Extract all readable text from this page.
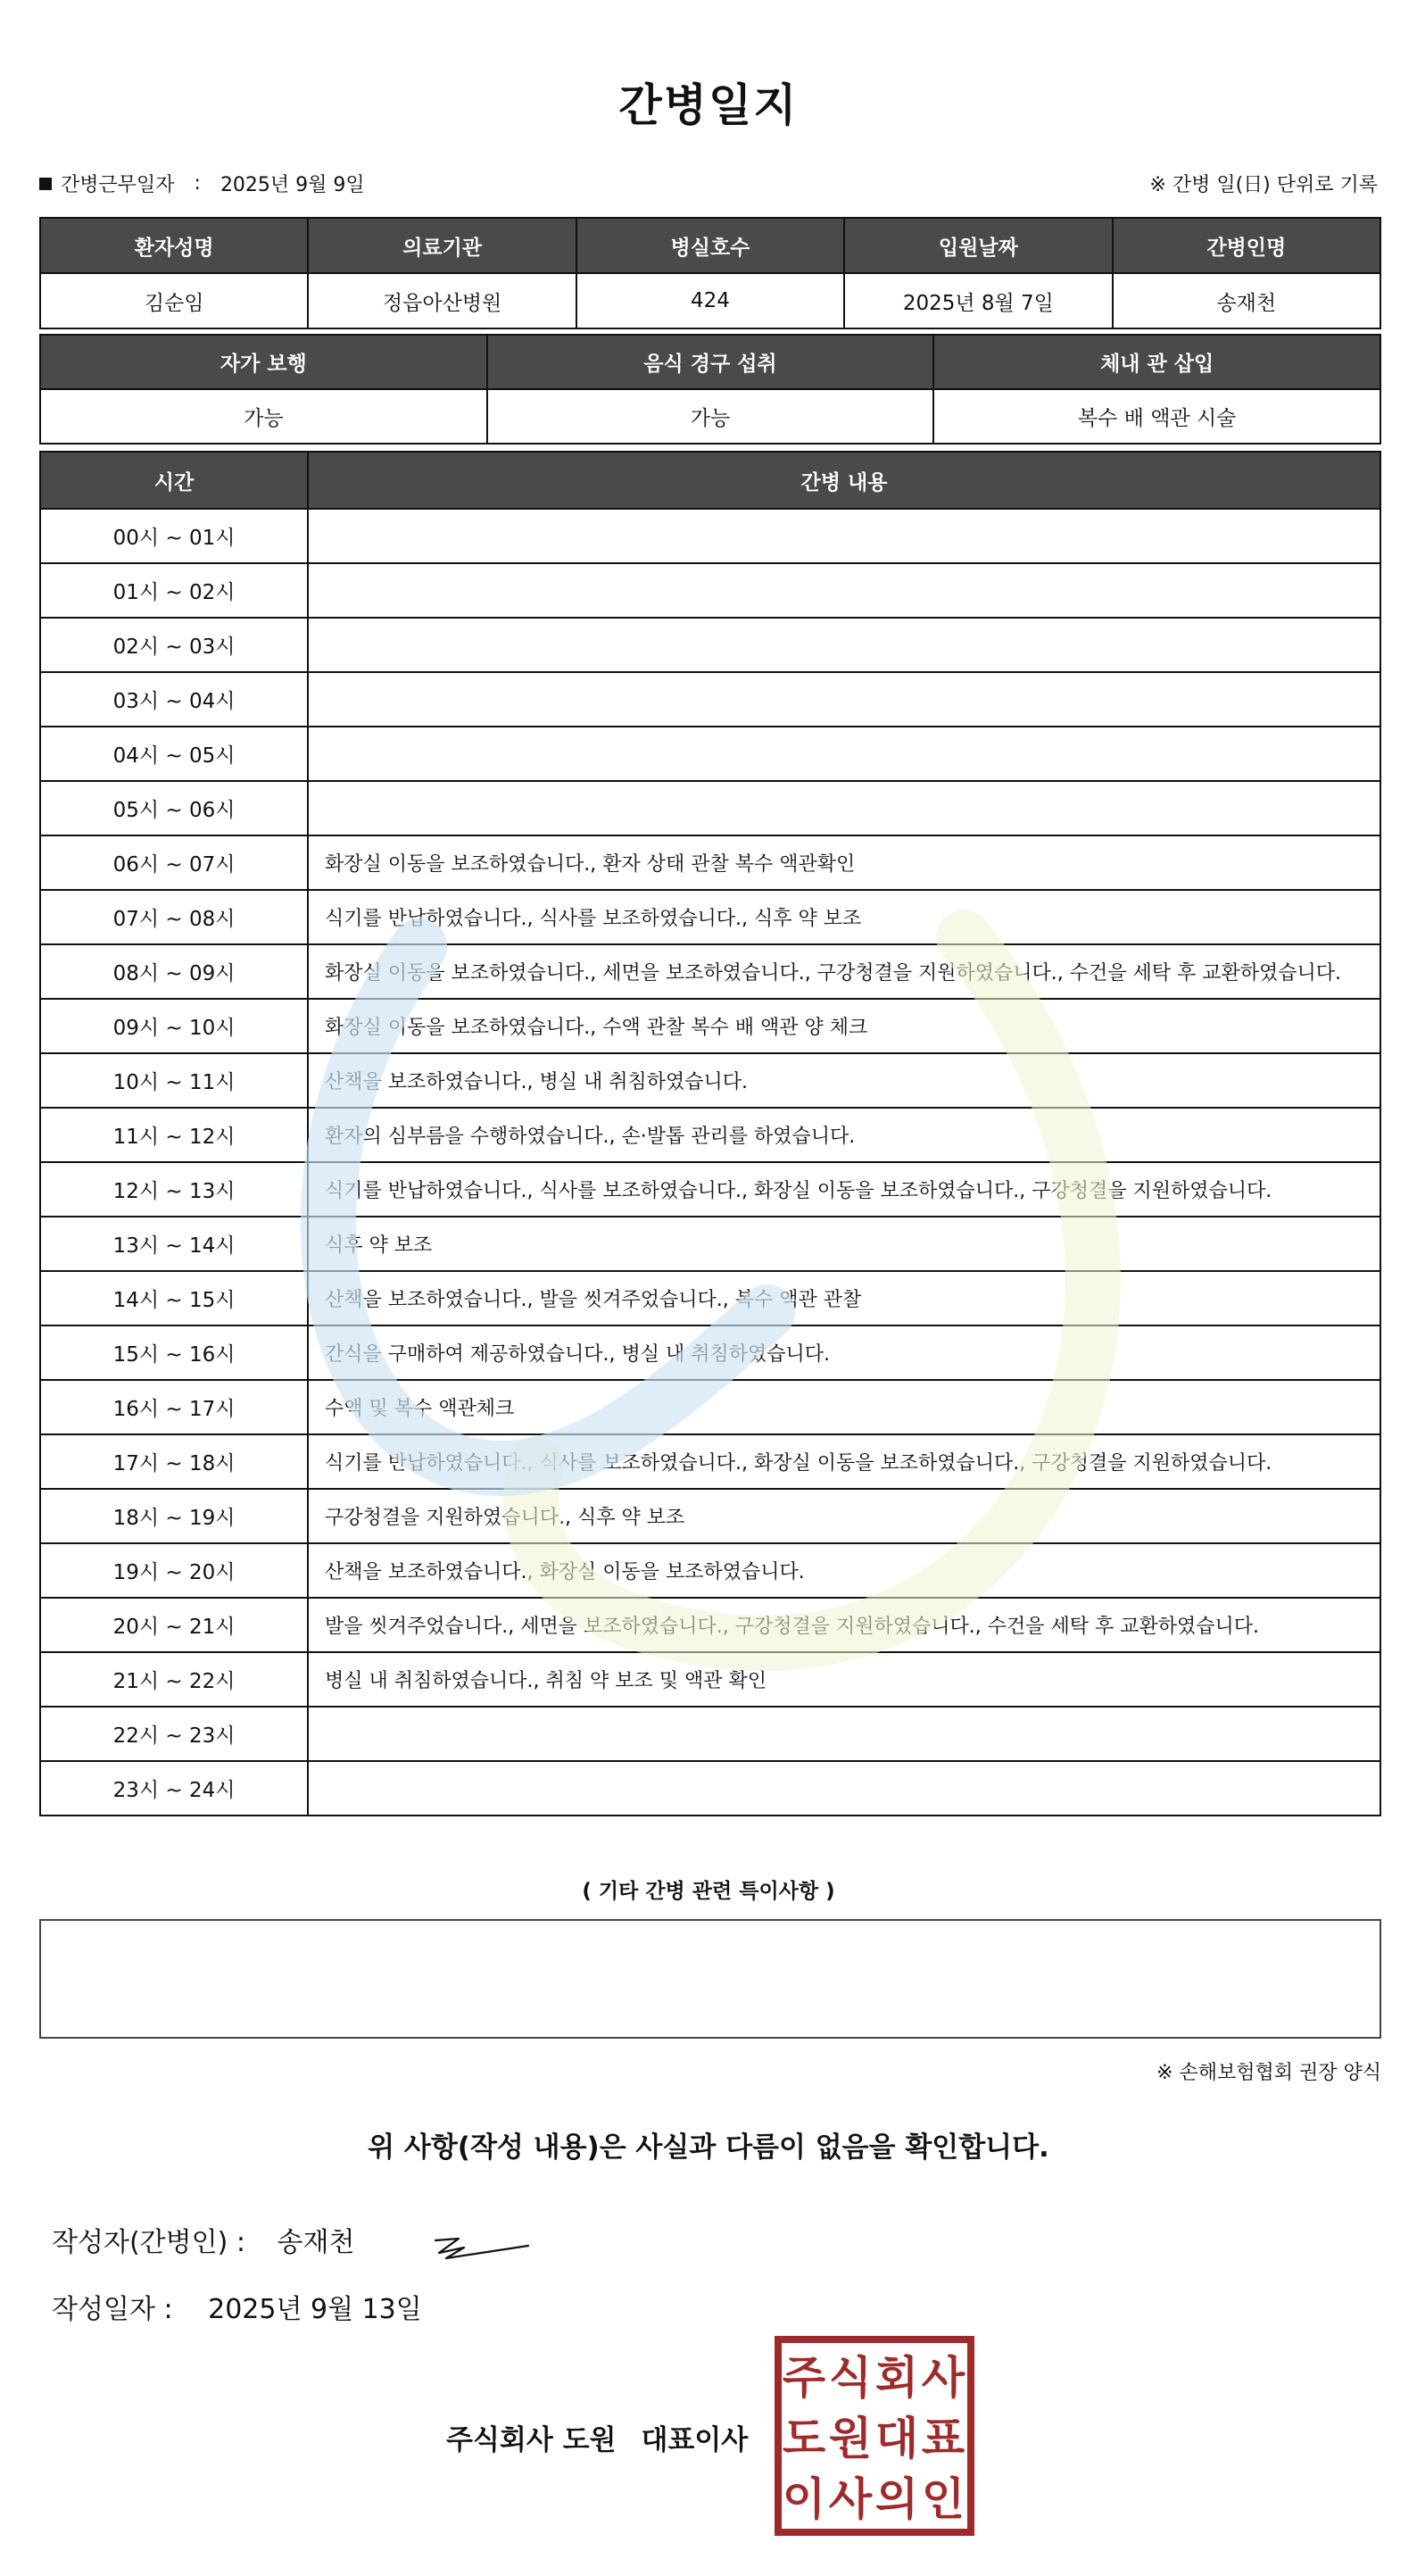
간병일지
간병근무일자 : 2025년 9월 9일	※ 간병 일(日) 단위로 기록
환자성명	의료기관	병실호수	입원날짜	간병인명
김순임	정읍아산병원	424	2025년 8월 7일	송재천
자가 보행	음식 경구 섭취	체내 관 삽입
가능	가능	복수 배 액관 시술
시간	간병 내용
00시 ~ 01시	
01시 ~ 02시	
02시 ~ 03시	
03시 ~ 04시	
04시 ~ 05시	
05시 ~ 06시	
06시 ~ 07시	화장실 이동을 보조하였습니다., 환자 상태 관찰 복수 액관확인
07시 ~ 08시	식기를 반납하였습니다., 식사를 보조하였습니다., 식후 약 보조
08시 ~ 09시	화장실 이동을 보조하였습니다., 세면을 보조하였습니다., 구강청결을 지원하였습니다., 수건을 세탁 후 교환하였습니다.
09시 ~ 10시	화장실 이동을 보조하였습니다., 수액 관찰 복수 배 액관 양 체크
10시 ~ 11시	산책을 보조하였습니다., 병실 내 취침하였습니다.
11시 ~ 12시	환자의 심부름을 수행하였습니다., 손·발톱 관리를 하였습니다.
12시 ~ 13시	식기를 반납하였습니다., 식사를 보조하였습니다., 화장실 이동을 보조하였습니다., 구강청결을 지원하였습니다.
13시 ~ 14시	식후 약 보조
14시 ~ 15시	산책을 보조하였습니다., 발을 씻겨주었습니다., 복수 액관 관찰
15시 ~ 16시	간식을 구매하여 제공하였습니다., 병실 내 취침하였습니다.
16시 ~ 17시	수액 및 복수 액관체크
17시 ~ 18시	식기를 반납하였습니다., 식사를 보조하였습니다., 화장실 이동을 보조하였습니다., 구강청결을 지원하였습니다.
18시 ~ 19시	구강청결을 지원하였습니다., 식후 약 보조
19시 ~ 20시	산책을 보조하였습니다., 화장실 이동을 보조하였습니다.
20시 ~ 21시	발을 씻겨주었습니다., 세면을 보조하였습니다., 구강청결을 지원하였습니다., 수건을 세탁 후 교환하였습니다.
21시 ~ 22시	병실 내 취침하였습니다., 취침 약 보조 및 액관 확인
22시 ~ 23시	
23시 ~ 24시	
( 기타 간병 관련 특이사항 )
※ 손해보험협회 권장 양식
위 사항(작성 내용)은 사실과 다름이 없음을 확인합니다.
작성자(간병인) : 송재천
작성일자 : 2025년 9월 13일
주식회사 도원 대표이사
주 식 회 사
도 원 대 표
이 사 의 인
